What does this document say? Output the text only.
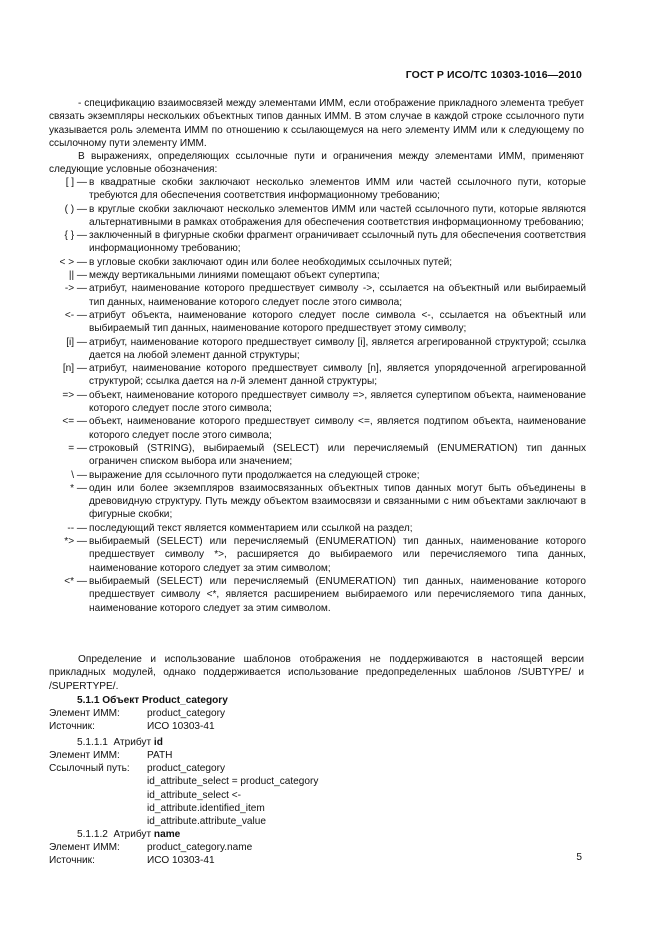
ГОСТ Р ИСО/ТС 10303-1016—2010
- спецификацию взаимосвязей между элементами ИММ, если отображение прикладного элемента требует связать экземпляры нескольких объектных типов данных ИММ. В этом случае в каждой строке ссылочного пути указывается роль элемента ИММ по отношению к ссылающемуся на него элементу ИММ или к следующему по ссылочному пути элементу ИММ.
В выражениях, определяющих ссылочные пути и ограничения между элементами ИММ, применяют следующие условные обозначения:
[ ] — в квадратные скобки заключают несколько элементов ИММ или частей ссылочного пути, которые требуются для обеспечения соответствия информационному требованию;
( ) — в круглые скобки заключают несколько элементов ИММ или частей ссылочного пути, которые являются альтернативными в рамках отображения для обеспечения соответствия информационному требованию;
{ } — заключенный в фигурные скобки фрагмент ограничивает ссылочный путь для обеспечения соответствия информационному требованию;
< > — в угловые скобки заключают один или более необходимых ссылочных путей;
|| — между вертикальными линиями помещают объект супертипа;
-> — атрибут, наименование которого предшествует символу ->, ссылается на объектный или выбираемый тип данных, наименование которого следует после этого символа;
<- — атрибут объекта, наименование которого следует после символа <-, ссылается на объектный или выбираемый тип данных, наименование которого предшествует этому символу;
[i] — атрибут, наименование которого предшествует символу [i], является агрегированной структурой; ссылка дается на любой элемент данной структуры;
[n] — атрибут, наименование которого предшествует символу [n], является упорядоченной агрегированной структурой; ссылка дается на n-й элемент данной структуры;
=> — объект, наименование которого предшествует символу =>, является супертипом объекта, наименование которого следует после этого символа;
<= — объект, наименование которого предшествует символу <=, является подтипом объекта, наименование которого следует после этого символа;
= — строковый (STRING), выбираемый (SELECT) или перечисляемый (ENUMERATION) тип данных ограничен списком выбора или значением;
\ — выражение для ссылочного пути продолжается на следующей строке;
* — один или более экземпляров взаимосвязанных объектных типов данных могут быть объединены в древовидную структуру. Путь между объектом взаимосвязи и связанными с ним объектами заключают в фигурные скобки;
-- — последующий текст является комментарием или ссылкой на раздел;
*> — выбираемый (SELECT) или перечисляемый (ENUMERATION) тип данных, наименование которого предшествует символу *>, расширяется до выбираемого или перечисляемого типа данных, наименование которого следует за этим символом;
<* — выбираемый (SELECT) или перечисляемый (ENUMERATION) тип данных, наименование которого предшествует символу <*, является расширением выбираемого или перечисляемого типа данных, наименование которого следует за этим символом.
Определение и использование шаблонов отображения не поддерживаются в настоящей версии прикладных модулей, однако поддерживается использование предопределенных шаблонов /SUBTYPE/ и /SUPERTYPE/.
5.1.1 Объект Product_category
Элемент ИММ:	product_category
Источник:	ИСО 10303-41
5.1.1.1 Атрибут id
Элемент ИММ:	PATH
Ссылочный путь:	product_category
id_attribute_select = product_category
id_attribute_select <-
id_attribute.identified_item
id_attribute.attribute_value
5.1.1.2 Атрибут name
Элемент ИММ:	product_category.name
Источник:	ИСО 10303-41	5
